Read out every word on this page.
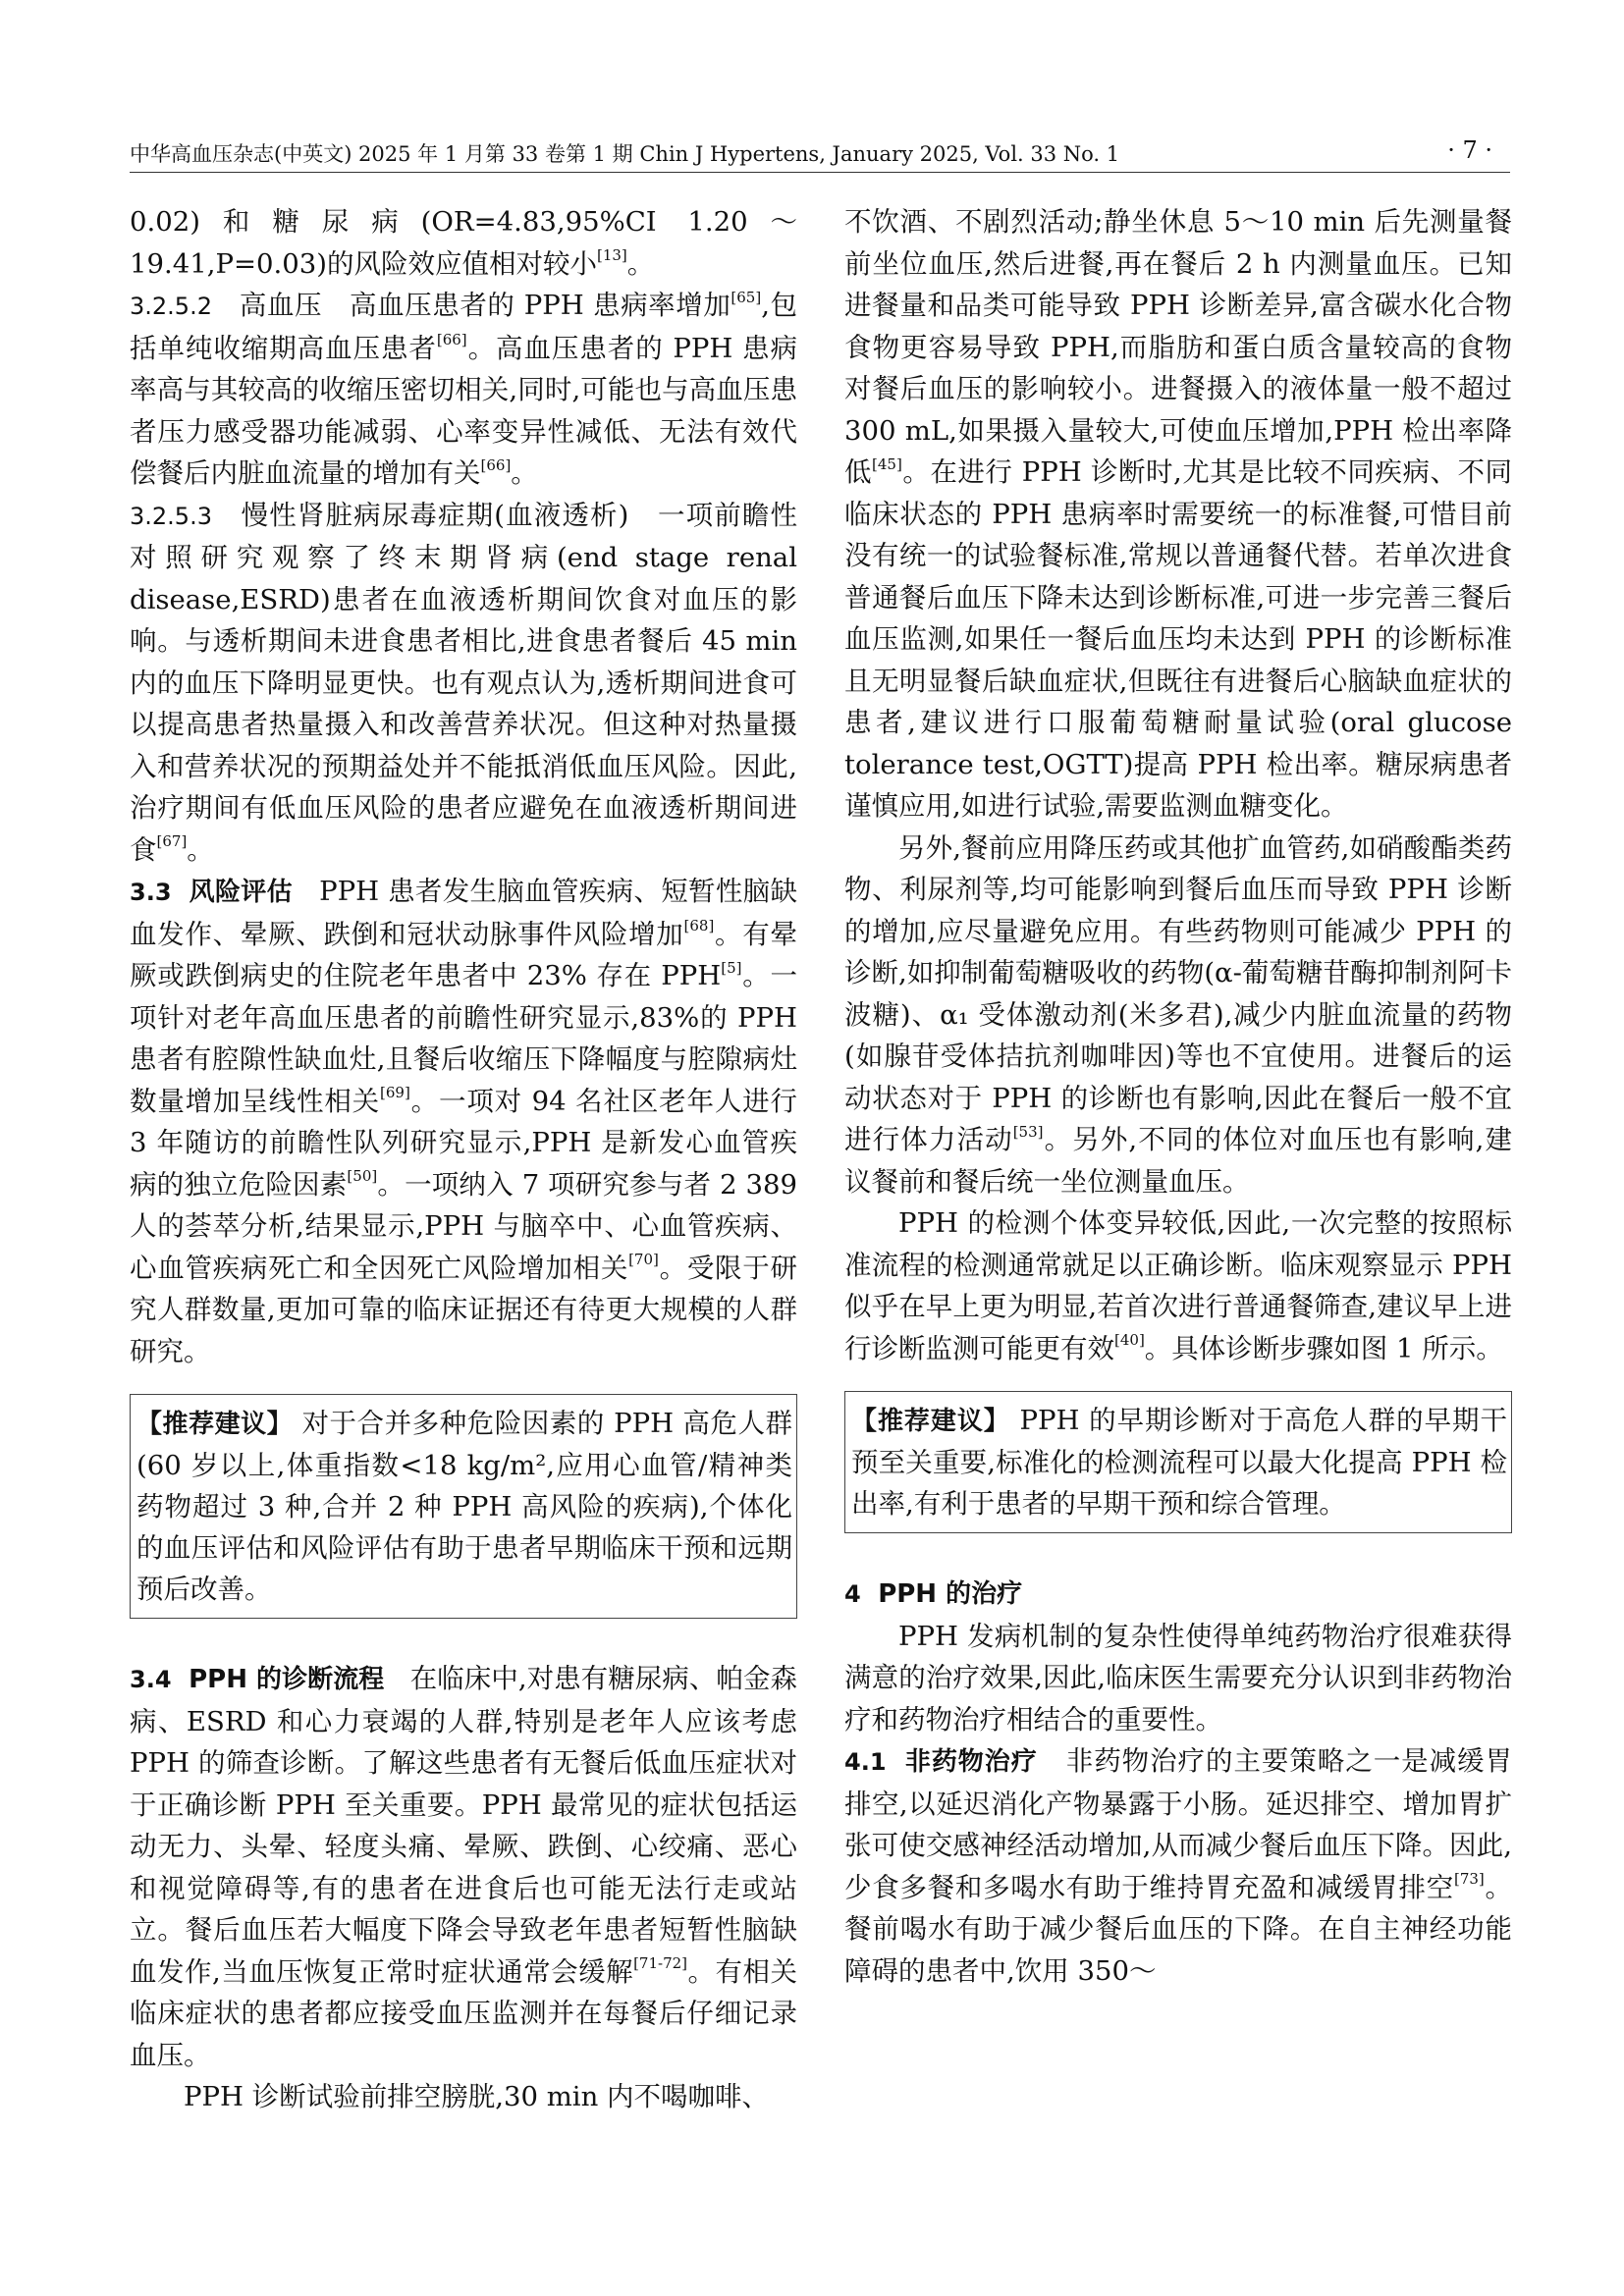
中华高血压杂志(中英文) 2025 年 1 月第 33 卷第 1 期 Chin J Hypertens, January 2025, Vol. 33 No. 1	· 7 ·

0.02)和糖尿病(OR=4.83,95%CI 1.20～19.41,P=0.03)的风险效应值相对较小[13]。

3.2.5.2 高血压 高血压患者的 PPH 患病率增加[65],包括单纯收缩期高血压患者[66]。高血压患者的 PPH 患病率高与其较高的收缩压密切相关,同时,可能也与高血压患者压力感受器功能减弱、心率变异性减低、无法有效代偿餐后内脏血流量的增加有关[66]。

3.2.5.3 慢性肾脏病尿毒症期(血液透析) 一项前瞻性对照研究观察了终末期肾病(end stage renal disease,ESRD)患者在血液透析期间饮食对血压的影响。与透析期间未进食患者相比,进食患者餐后 45 min 内的血压下降明显更快。也有观点认为,透析期间进食可以提高患者热量摄入和改善营养状况。但这种对热量摄入和营养状况的预期益处并不能抵消低血压风险。因此,治疗期间有低血压风险的患者应避免在血液透析期间进食[67]。

3.3 风险评估 PPH 患者发生脑血管疾病、短暂性脑缺血发作、晕厥、跌倒和冠状动脉事件风险增加[68]。有晕厥或跌倒病史的住院老年患者中 23% 存在 PPH[5]。一项针对老年高血压患者的前瞻性研究显示,83%的 PPH 患者有腔隙性缺血灶,且餐后收缩压下降幅度与腔隙病灶数量增加呈线性相关[69]。一项对 94 名社区老年人进行 3 年随访的前瞻性队列研究显示,PPH 是新发心血管疾病的独立危险因素[50]。一项纳入 7 项研究参与者 2 389 人的荟萃分析,结果显示,PPH 与脑卒中、心血管疾病、心血管疾病死亡和全因死亡风险增加相关[70]。受限于研究人群数量,更加可靠的临床证据还有待更大规模的人群研究。

【推荐建议】 对于合并多种危险因素的 PPH 高危人群(60 岁以上,体重指数<18 kg/m²,应用心血管/精神类药物超过 3 种,合并 2 种 PPH 高风险的疾病),个体化的血压评估和风险评估有助于患者早期临床干预和远期预后改善。

3.4 PPH 的诊断流程 在临床中,对患有糖尿病、帕金森病、ESRD 和心力衰竭的人群,特别是老年人应该考虑 PPH 的筛查诊断。了解这些患者有无餐后低血压症状对于正确诊断 PPH 至关重要。PPH 最常见的症状包括运动无力、头晕、轻度头痛、晕厥、跌倒、心绞痛、恶心和视觉障碍等,有的患者在进食后也可能无法行走或站立。餐后血压若大幅度下降会导致老年患者短暂性脑缺血发作,当血压恢复正常时症状通常会缓解[71-72]。有相关临床症状的患者都应接受血压监测并在每餐后仔细记录血压。

PPH 诊断试验前排空膀胱,30 min 内不喝咖啡、

不饮酒、不剧烈活动;静坐休息 5～10 min 后先测量餐前坐位血压,然后进餐,再在餐后 2 h 内测量血压。已知进餐量和品类可能导致 PPH 诊断差异,富含碳水化合物食物更容易导致 PPH,而脂肪和蛋白质含量较高的食物对餐后血压的影响较小。进餐摄入的液体量一般不超过 300 mL,如果摄入量较大,可使血压增加,PPH 检出率降低[45]。在进行 PPH 诊断时,尤其是比较不同疾病、不同临床状态的 PPH 患病率时需要统一的标准餐,可惜目前没有统一的试验餐标准,常规以普通餐代替。若单次进食普通餐后血压下降未达到诊断标准,可进一步完善三餐后血压监测,如果任一餐后血压均未达到 PPH 的诊断标准且无明显餐后缺血症状,但既往有进餐后心脑缺血症状的患者,建议进行口服葡萄糖耐量试验(oral glucose tolerance test,OGTT)提高 PPH 检出率。糖尿病患者谨慎应用,如进行试验,需要监测血糖变化。

另外,餐前应用降压药或其他扩血管药,如硝酸酯类药物、利尿剂等,均可能影响到餐后血压而导致 PPH 诊断的增加,应尽量避免应用。有些药物则可能减少 PPH 的诊断,如抑制葡萄糖吸收的药物(α-葡萄糖苷酶抑制剂阿卡波糖)、α₁ 受体激动剂(米多君),减少内脏血流量的药物(如腺苷受体拮抗剂咖啡因)等也不宜使用。进餐后的运动状态对于 PPH 的诊断也有影响,因此在餐后一般不宜进行体力活动[53]。另外,不同的体位对血压也有影响,建议餐前和餐后统一坐位测量血压。

PPH 的检测个体变异较低,因此,一次完整的按照标准流程的检测通常就足以正确诊断。临床观察显示 PPH 似乎在早上更为明显,若首次进行普通餐筛查,建议早上进行诊断监测可能更有效[40]。具体诊断步骤如图 1 所示。

【推荐建议】 PPH 的早期诊断对于高危人群的早期干预至关重要,标准化的检测流程可以最大化提高 PPH 检出率,有利于患者的早期干预和综合管理。

4 PPH 的治疗

PPH 发病机制的复杂性使得单纯药物治疗很难获得满意的治疗效果,因此,临床医生需要充分认识到非药物治疗和药物治疗相结合的重要性。

4.1 非药物治疗 非药物治疗的主要策略之一是减缓胃排空,以延迟消化产物暴露于小肠。延迟排空、增加胃扩张可使交感神经活动增加,从而减少餐后血压下降。因此,少食多餐和多喝水有助于维持胃充盈和减缓胃排空[73]。餐前喝水有助于减少餐后血压的下降。在自主神经功能障碍的患者中,饮用 350～
